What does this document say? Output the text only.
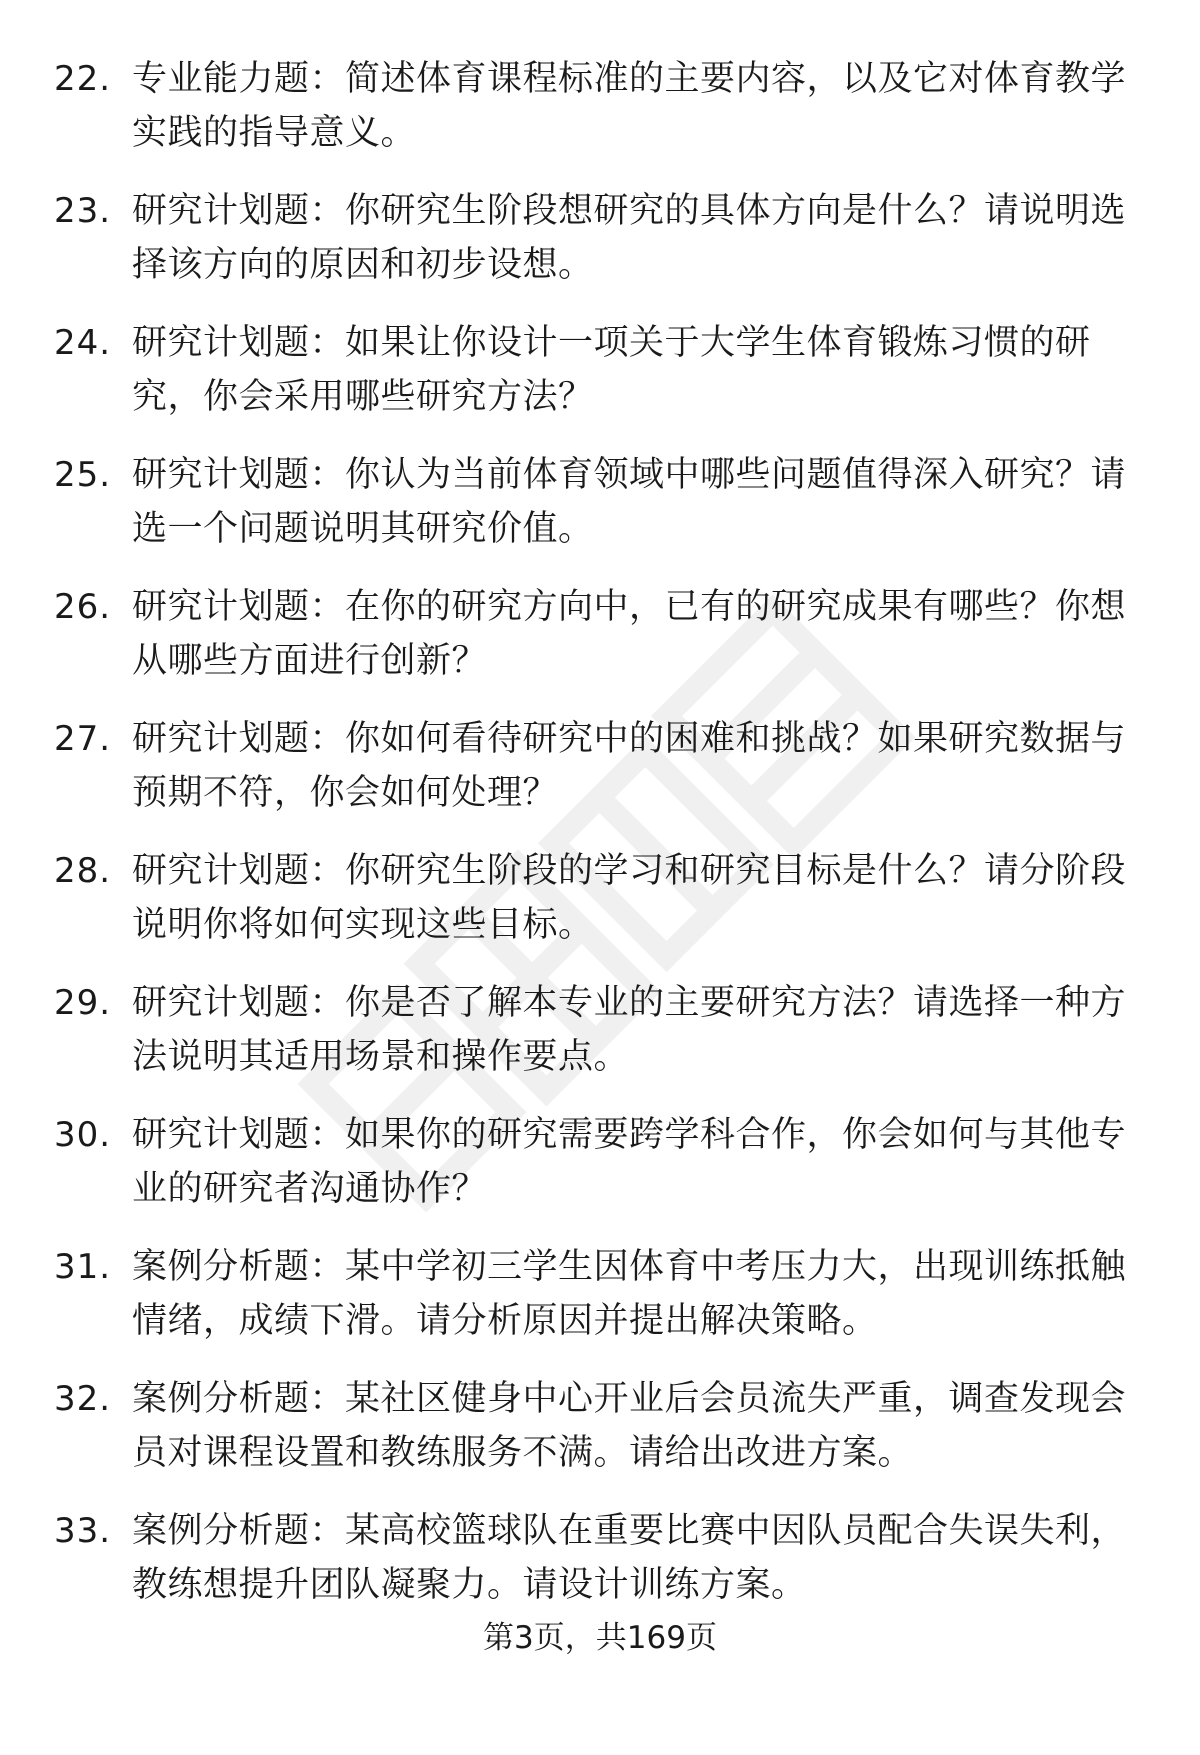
22. 专业能力题：简述体育课程标准的主要内容，以及它对体育教学实践的指导意义。
23. 研究计划题：你研究生阶段想研究的具体方向是什么？请说明选择该方向的原因和初步设想。
24. 研究计划题：如果让你设计一项关于大学生体育锻炼习惯的研究，你会采用哪些研究方法？
25. 研究计划题：你认为当前体育领域中哪些问题值得深入研究？请选一个问题说明其研究价值。
26. 研究计划题：在你的研究方向中，已有的研究成果有哪些？你想从哪些方面进行创新？
27. 研究计划题：你如何看待研究中的困难和挑战？如果研究数据与预期不符，你会如何处理？
28. 研究计划题：你研究生阶段的学习和研究目标是什么？请分阶段说明你将如何实现这些目标。
29. 研究计划题：你是否了解本专业的主要研究方法？请选择一种方法说明其适用场景和操作要点。
30. 研究计划题：如果你的研究需要跨学科合作，你会如何与其他专业的研究者沟通协作？
31. 案例分析题：某中学初三学生因体育中考压力大，出现训练抵触情绪，成绩下滑。请分析原因并提出解决策略。
32. 案例分析题：某社区健身中心开业后会员流失严重，调查发现会员对课程设置和教练服务不满。请给出改进方案。
33. 案例分析题：某高校篮球队在重要比赛中因队员配合失误失利，教练想提升团队凝聚力。请设计训练方案。
第3页，共169页
